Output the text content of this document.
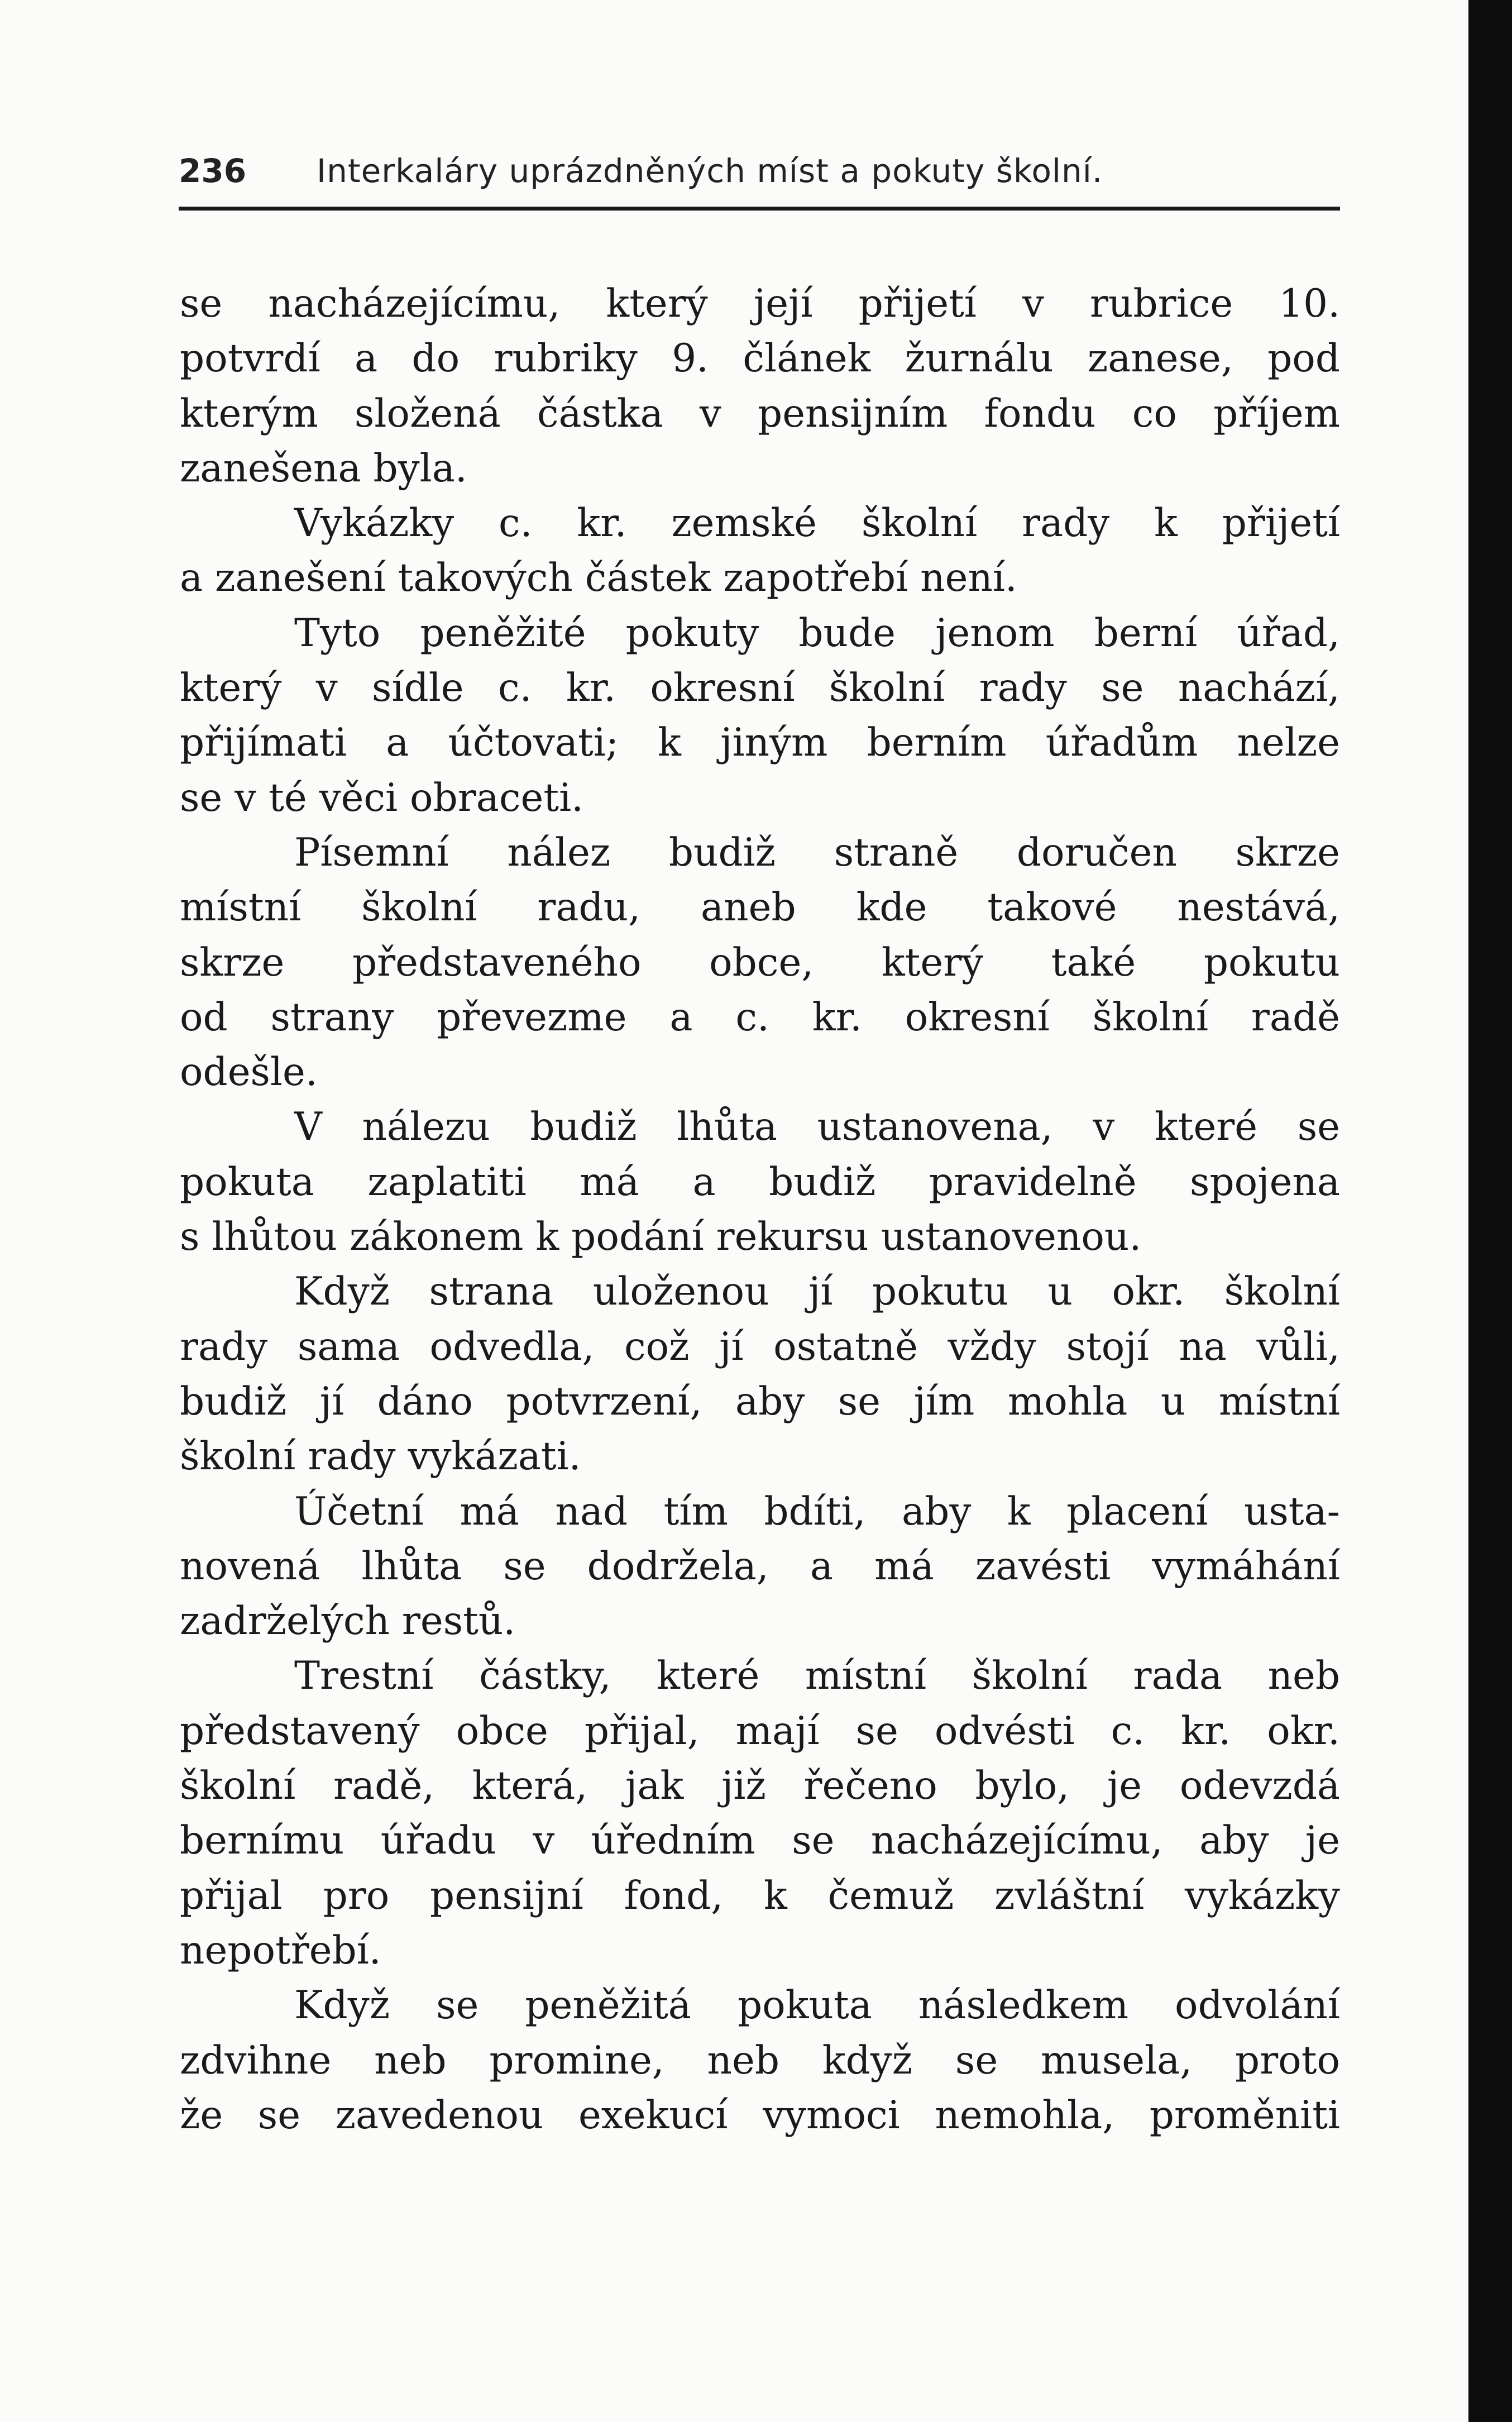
236 Interkaláry uprázdněných míst a pokuty školní.
se nacházejícímu, který její přijetí v rubrice 10.
potvrdí a do rubriky 9. článek žurnálu zanese, pod
kterým složená částka v pensijním fondu co příjem
zanešena byla.
Vykázky c. kr. zemské školní rady k přijetí
a zanešení takových částek zapotřebí není.
Tyto peněžité pokuty bude jenom berní úřad,
který v sídle c. kr. okresní školní rady se nachází,
přijímati a účtovati; k jiným berním úřadům nelze
se v té věci obraceti.
Písemní nález budiž straně doručen skrze
místní školní radu, aneb kde takové nestává,
skrze představeného obce, který také pokutu
od strany převezme a c. kr. okresní školní radě
odešle.
V nálezu budiž lhůta ustanovena, v které se
pokuta zaplatiti má a budiž pravidelně spojena
s lhůtou zákonem k podání rekursu ustanovenou.
Když strana uloženou jí pokutu u okr. školní
rady sama odvedla, což jí ostatně vždy stojí na vůli,
budiž jí dáno potvrzení, aby se jím mohla u místní
školní rady vykázati.
Účetní má nad tím bdíti, aby k placení usta-
novená lhůta se dodržela, a má zavésti vymáhání
zadrželých restů.
Trestní částky, které místní školní rada neb
představený obce přijal, mají se odvésti c. kr. okr.
školní radě, která, jak již řečeno bylo, je odevzdá
bernímu úřadu v úředním se nacházejícímu, aby je
přijal pro pensijní fond, k čemuž zvláštní vykázky
nepotřebí.
Když se peněžitá pokuta následkem odvolání
zdvihne neb promine, neb když se musela, proto
že se zavedenou exekucí vymoci nemohla, proměniti
